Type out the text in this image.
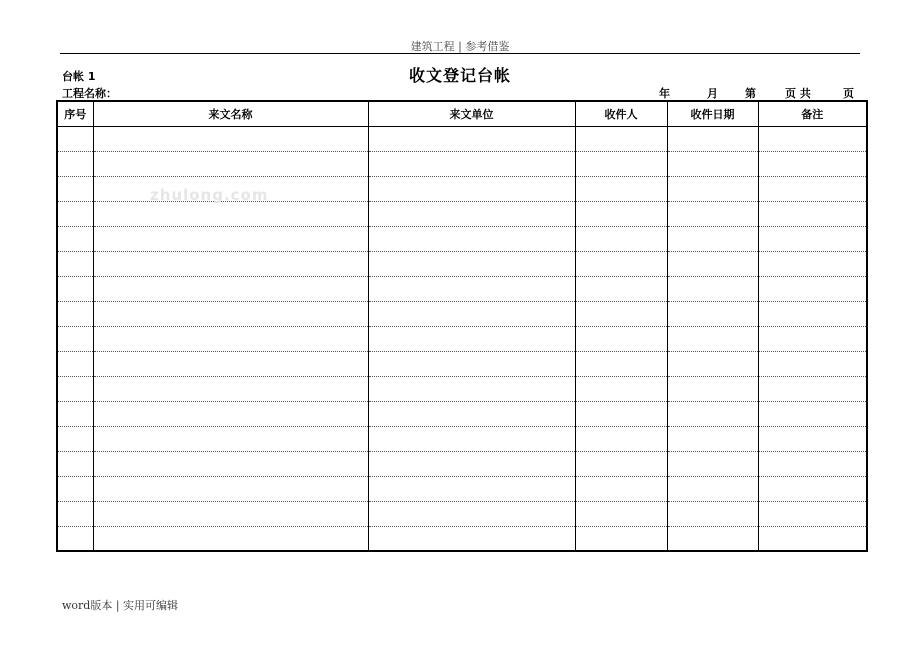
建筑工程 | 参考借鉴
台帐 1	收文登记台帐
工程名称：	年	月 第	页 共	页
序号	来文名称	来文单位	收件人	收件日期	备注

zhulong.com
word版本 | 实用可编辑
